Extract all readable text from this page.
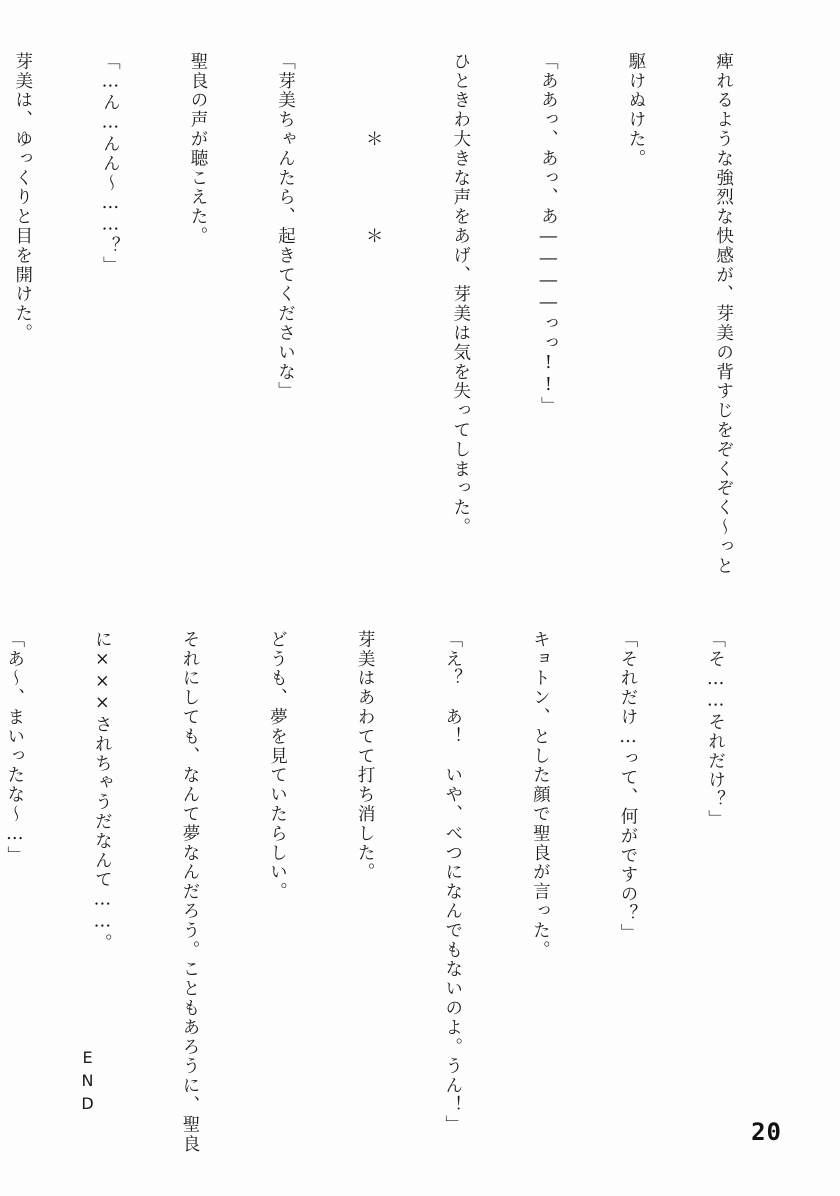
痺れるような強烈な快感が、芽美の背すじをぞくぞく〜っと

駆けぬけた。

「ああっ、あっ、あ――――っっ!!」

ひときわ大きな声をあげ、芽美は気を失ってしまった。

　　　　＊　　　　＊

「芽美ちゃんたら、起きてくださいな」

聖良の声が聴こえた。

「…ん…んん〜……？」

芽美は、ゆっくりと目を開けた。

「そ……それだけ？」

「それだけ…って、何がですの？」

キョトン、とした顔で聖良が言った。

「え？　あ！　いや、べつになんでもないのよ。うん！」

芽美はあわてて打ち消した。

どうも、夢を見ていたらしい。

それにしても、なんて夢なんだろう。こともあろうに、聖良

に×××されちゃうだなんて……。

「あ〜、まいったな〜…」

END
20
